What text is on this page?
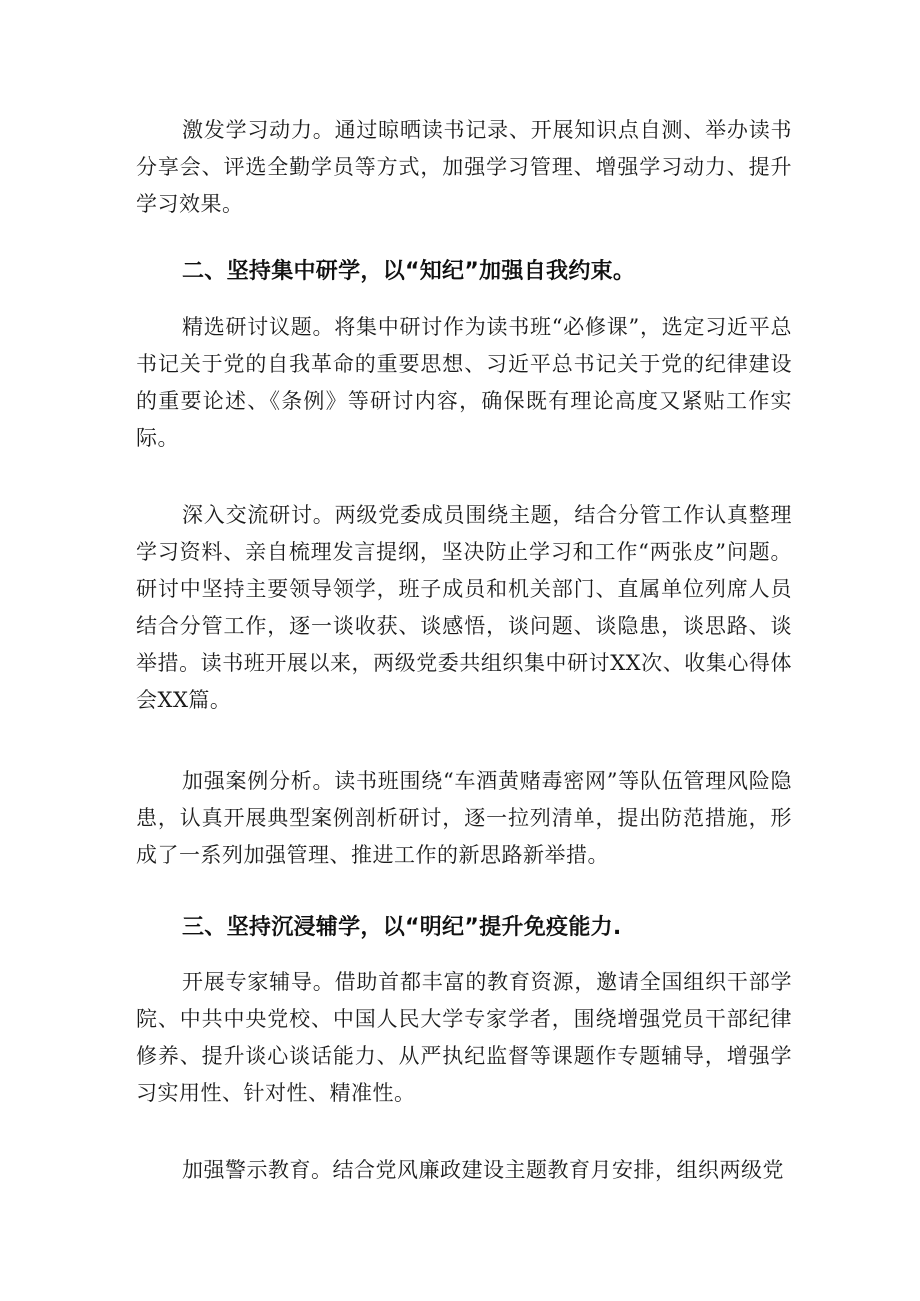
激发学习动力。通过晾晒读书记录、开展知识点自测、举办读书分享会、评选全勤学员等方式，加强学习管理、增强学习动力、提升学习效果。

二、坚持集中研学，以“知纪”加强自我约束。

精选研讨议题。将集中研讨作为读书班“必修课”，选定习近平总书记关于党的自我革命的重要思想、习近平总书记关于党的纪律建设的重要论述、《条例》等研讨内容，确保既有理论高度又紧贴工作实际。

深入交流研讨。两级党委成员围绕主题，结合分管工作认真整理学习资料、亲自梳理发言提纲，坚决防止学习和工作“两张皮”问题。研讨中坚持主要领导领学，班子成员和机关部门、直属单位列席人员结合分管工作，逐一谈收获、谈感悟，谈问题、谈隐患，谈思路、谈举措。读书班开展以来，两级党委共组织集中研讨XX次、收集心得体会XX篇。

加强案例分析。读书班围绕“车酒黄赌毒密网”等队伍管理风险隐患，认真开展典型案例剖析研讨，逐一拉列清单，提出防范措施，形成了一系列加强管理、推进工作的新思路新举措。

三、坚持沉浸辅学，以“明纪”提升免疫能力.

开展专家辅导。借助首都丰富的教育资源，邀请全国组织干部学院、中共中央党校、中国人民大学专家学者，围绕增强党员干部纪律修养、提升谈心谈话能力、从严执纪监督等课题作专题辅导，增强学习实用性、针对性、精准性。

加强警示教育。结合党风廉政建设主题教育月安排，组织两级党
